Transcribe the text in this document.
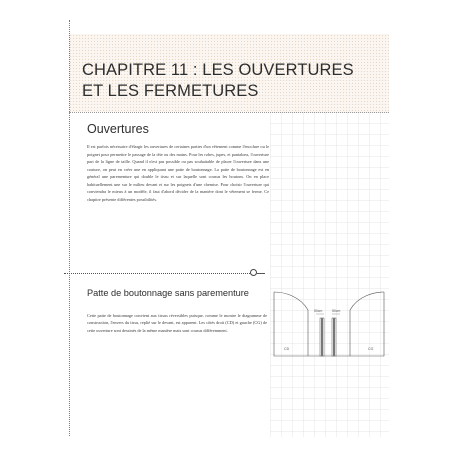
CHAPITRE 11 : LES OUVERTURES
ET LES FERMETURES
Ouvertures

Il est parfois nécessaire d'élargir les ouvertures de certaines parties d'un vêtement comme l'encolure ou le poignet pour permettre le passage de la tête ou des mains. Pour les robes, jupes, et pantalons, l'ouverture part de la ligne de taille. Quand il n'est pas possible ou pas souhaitable de placer l'ouverture dans une couture, on peut en créer une en appliquant une patte de boutonnage. La patte de boutonnage est en général une parementure qui double le tissu et sur laquelle sont cousus les boutons. On en place habituellement une sur le milieu devant et sur les poignets d'une chemise. Pour choisir l'ouverture qui conviendra le mieux à un modèle, il faut d'abord décider de la manière dont le vêtement se ferme. Ce chapitre présente différentes possibilités.

Patte de boutonnage sans parementure

Cette patte de boutonnage convient aux tissus réversibles puisque, comme le montre le diagramme de construction, l'envers du tissu, replié sur le devant, est apparent. Les côtés droit (CD) et gauche (CG) de cette ouverture sont dessinés de la même manière mais sont cousus différemment.

50cm	50cm
CD	CG
